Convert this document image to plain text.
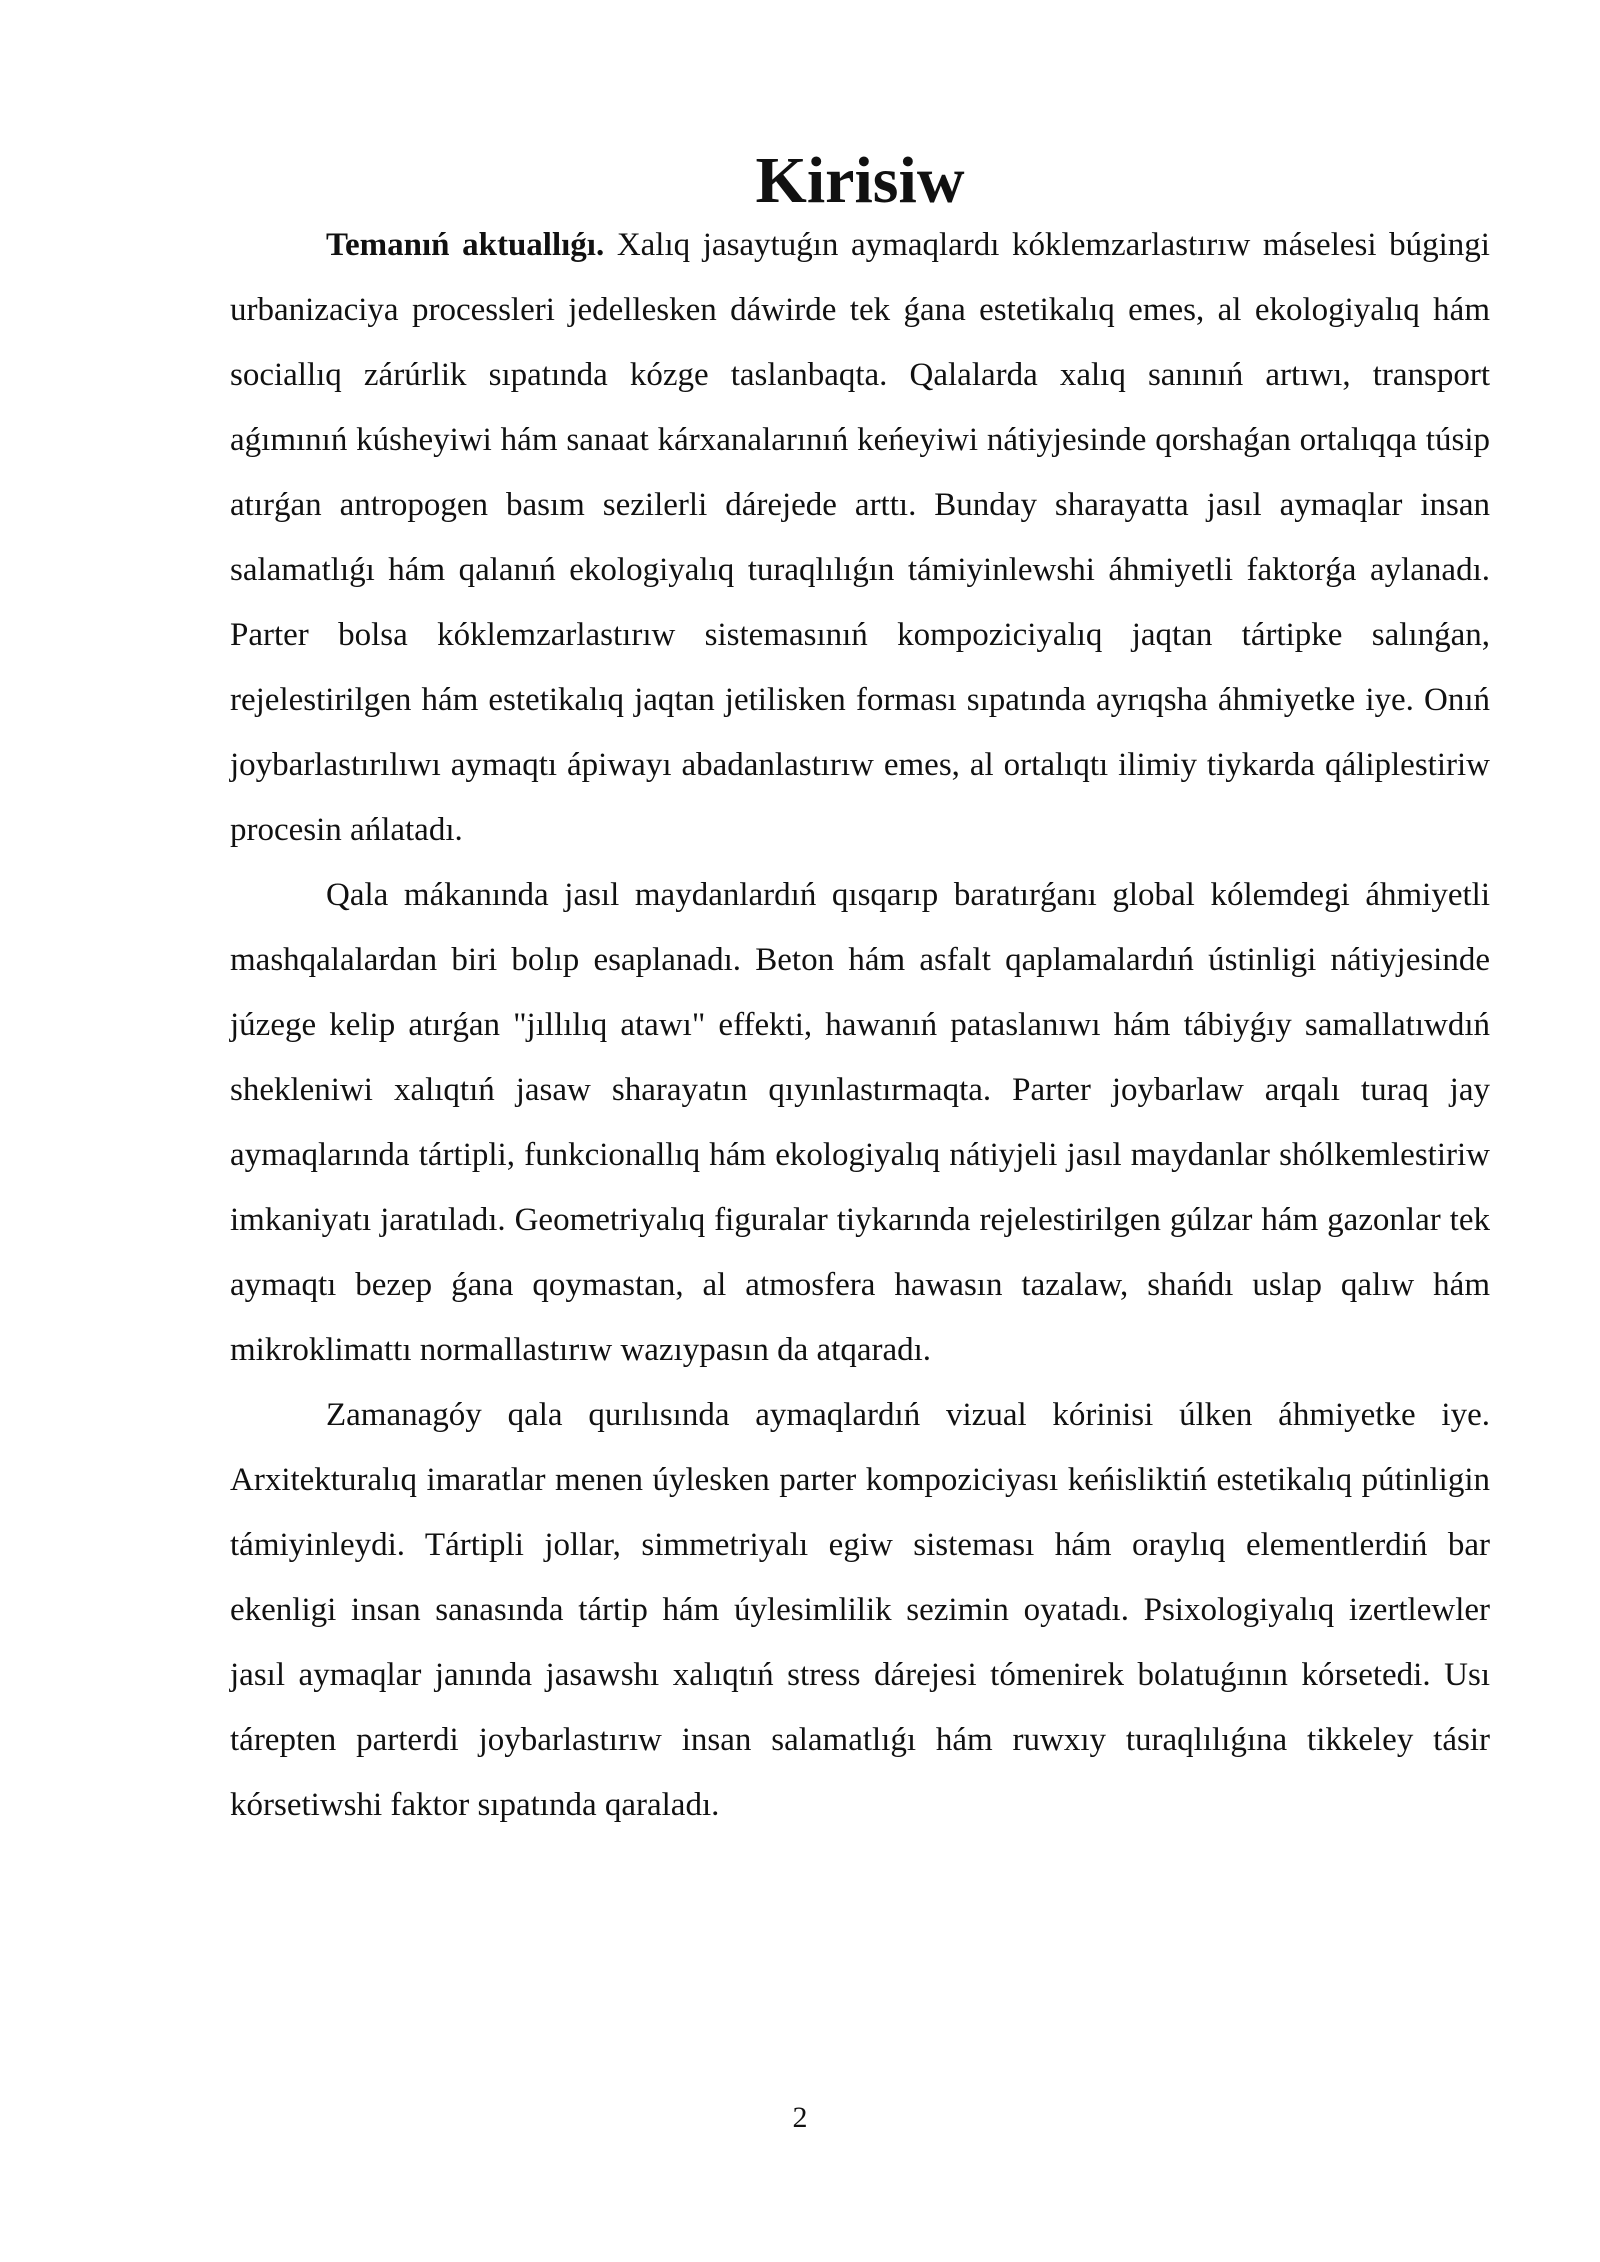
Kirisiw

Temanıń aktuallıǵı. Xalıq jasaytuǵın aymaqlardı kóklemzarlastırıw máselesi búgingi urbanizaciya processleri jedellesken dáwirde tek ǵana estetikalıq emes, al ekologiyalıq hám sociallıq zárúrlik sıpatında kózge taslanbaqta. Qalalarda xalıq sanınıń artıwı, transport aǵımınıń kúsheyiwi hám sanaat kárxanalarınıń keńeyiwi nátiyjesinde qorshaǵan ortalıqqa túsip atırǵan antropogen basım sezilerli dárejede arttı. Bunday sharayatta jasıl aymaqlar insan salamatlıǵı hám qalanıń ekologiyalıq turaqlılıǵın támiyinlewshi áhmiyetli faktorǵa aylanadı. Parter bolsa kóklemzarlastırıw sistemasınıń kompoziciyalıq jaqtan tártipke salınǵan, rejelestirilgen hám estetikalıq jaqtan jetilisken forması sıpatında ayrıqsha áhmiyetke iye. Onıń joybarlastırılıwı aymaqtı ápiwayı abadanlastırıw emes, al ortalıqtı ilimiy tiykarda qáliplestiriw procesin ańlatadı.

Qala mákanında jasıl maydanlardıń qısqarıp baratırǵanı global kólemdegi áhmiyetli mashqalalardan biri bolıp esaplanadı. Beton hám asfalt qaplamalardıń ústinligi nátiyjesinde júzege kelip atırǵan "jıllılıq atawı" effekti, hawanıń pataslanıwı hám tábiyǵıy samallatıwdıń shekleniwi xalıqtıń jasaw sharayatın qıyınlastırmaqta. Parter joybarlaw arqalı turaq jay aymaqlarında tártipli, funkcionallıq hám ekologiyalıq nátiyjeli jasıl maydanlar shólkemlestiriw imkaniyatı jaratıladı. Geometriyalıq figuralar tiykarında rejelestirilgen gúlzar hám gazonlar tek aymaqtı bezep ǵana qoymastan, al atmosfera hawasın tazalaw, shańdı uslap qalıw hám mikroklimattı normallastırıw wazıypasın da atqaradı.

Zamanagóy qala qurılısında aymaqlardıń vizual kórinisi úlken áhmiyetke iye. Arxitekturalıq imaratlar menen úylesken parter kompoziciyası keńisliktiń estetikalıq pútinligin támiyinleydi. Tártipli jollar, simmetriyalı egiw sisteması hám oraylıq elementlerdiń bar ekenligi insan sanasında tártip hám úylesimlilik sezimin oyatadı. Psixologiyalıq izertlewler jasıl aymaqlar janında jasawshı xalıqtıń stress dárejesi tómenirek bolatuǵının kórsetedi. Usı tárepten parterdi joybarlastırıw insan salamatlıǵı hám ruwxıy turaqlılıǵına tikkeley tásir kórsetiwshi faktor sıpatında qaraladı.

2
